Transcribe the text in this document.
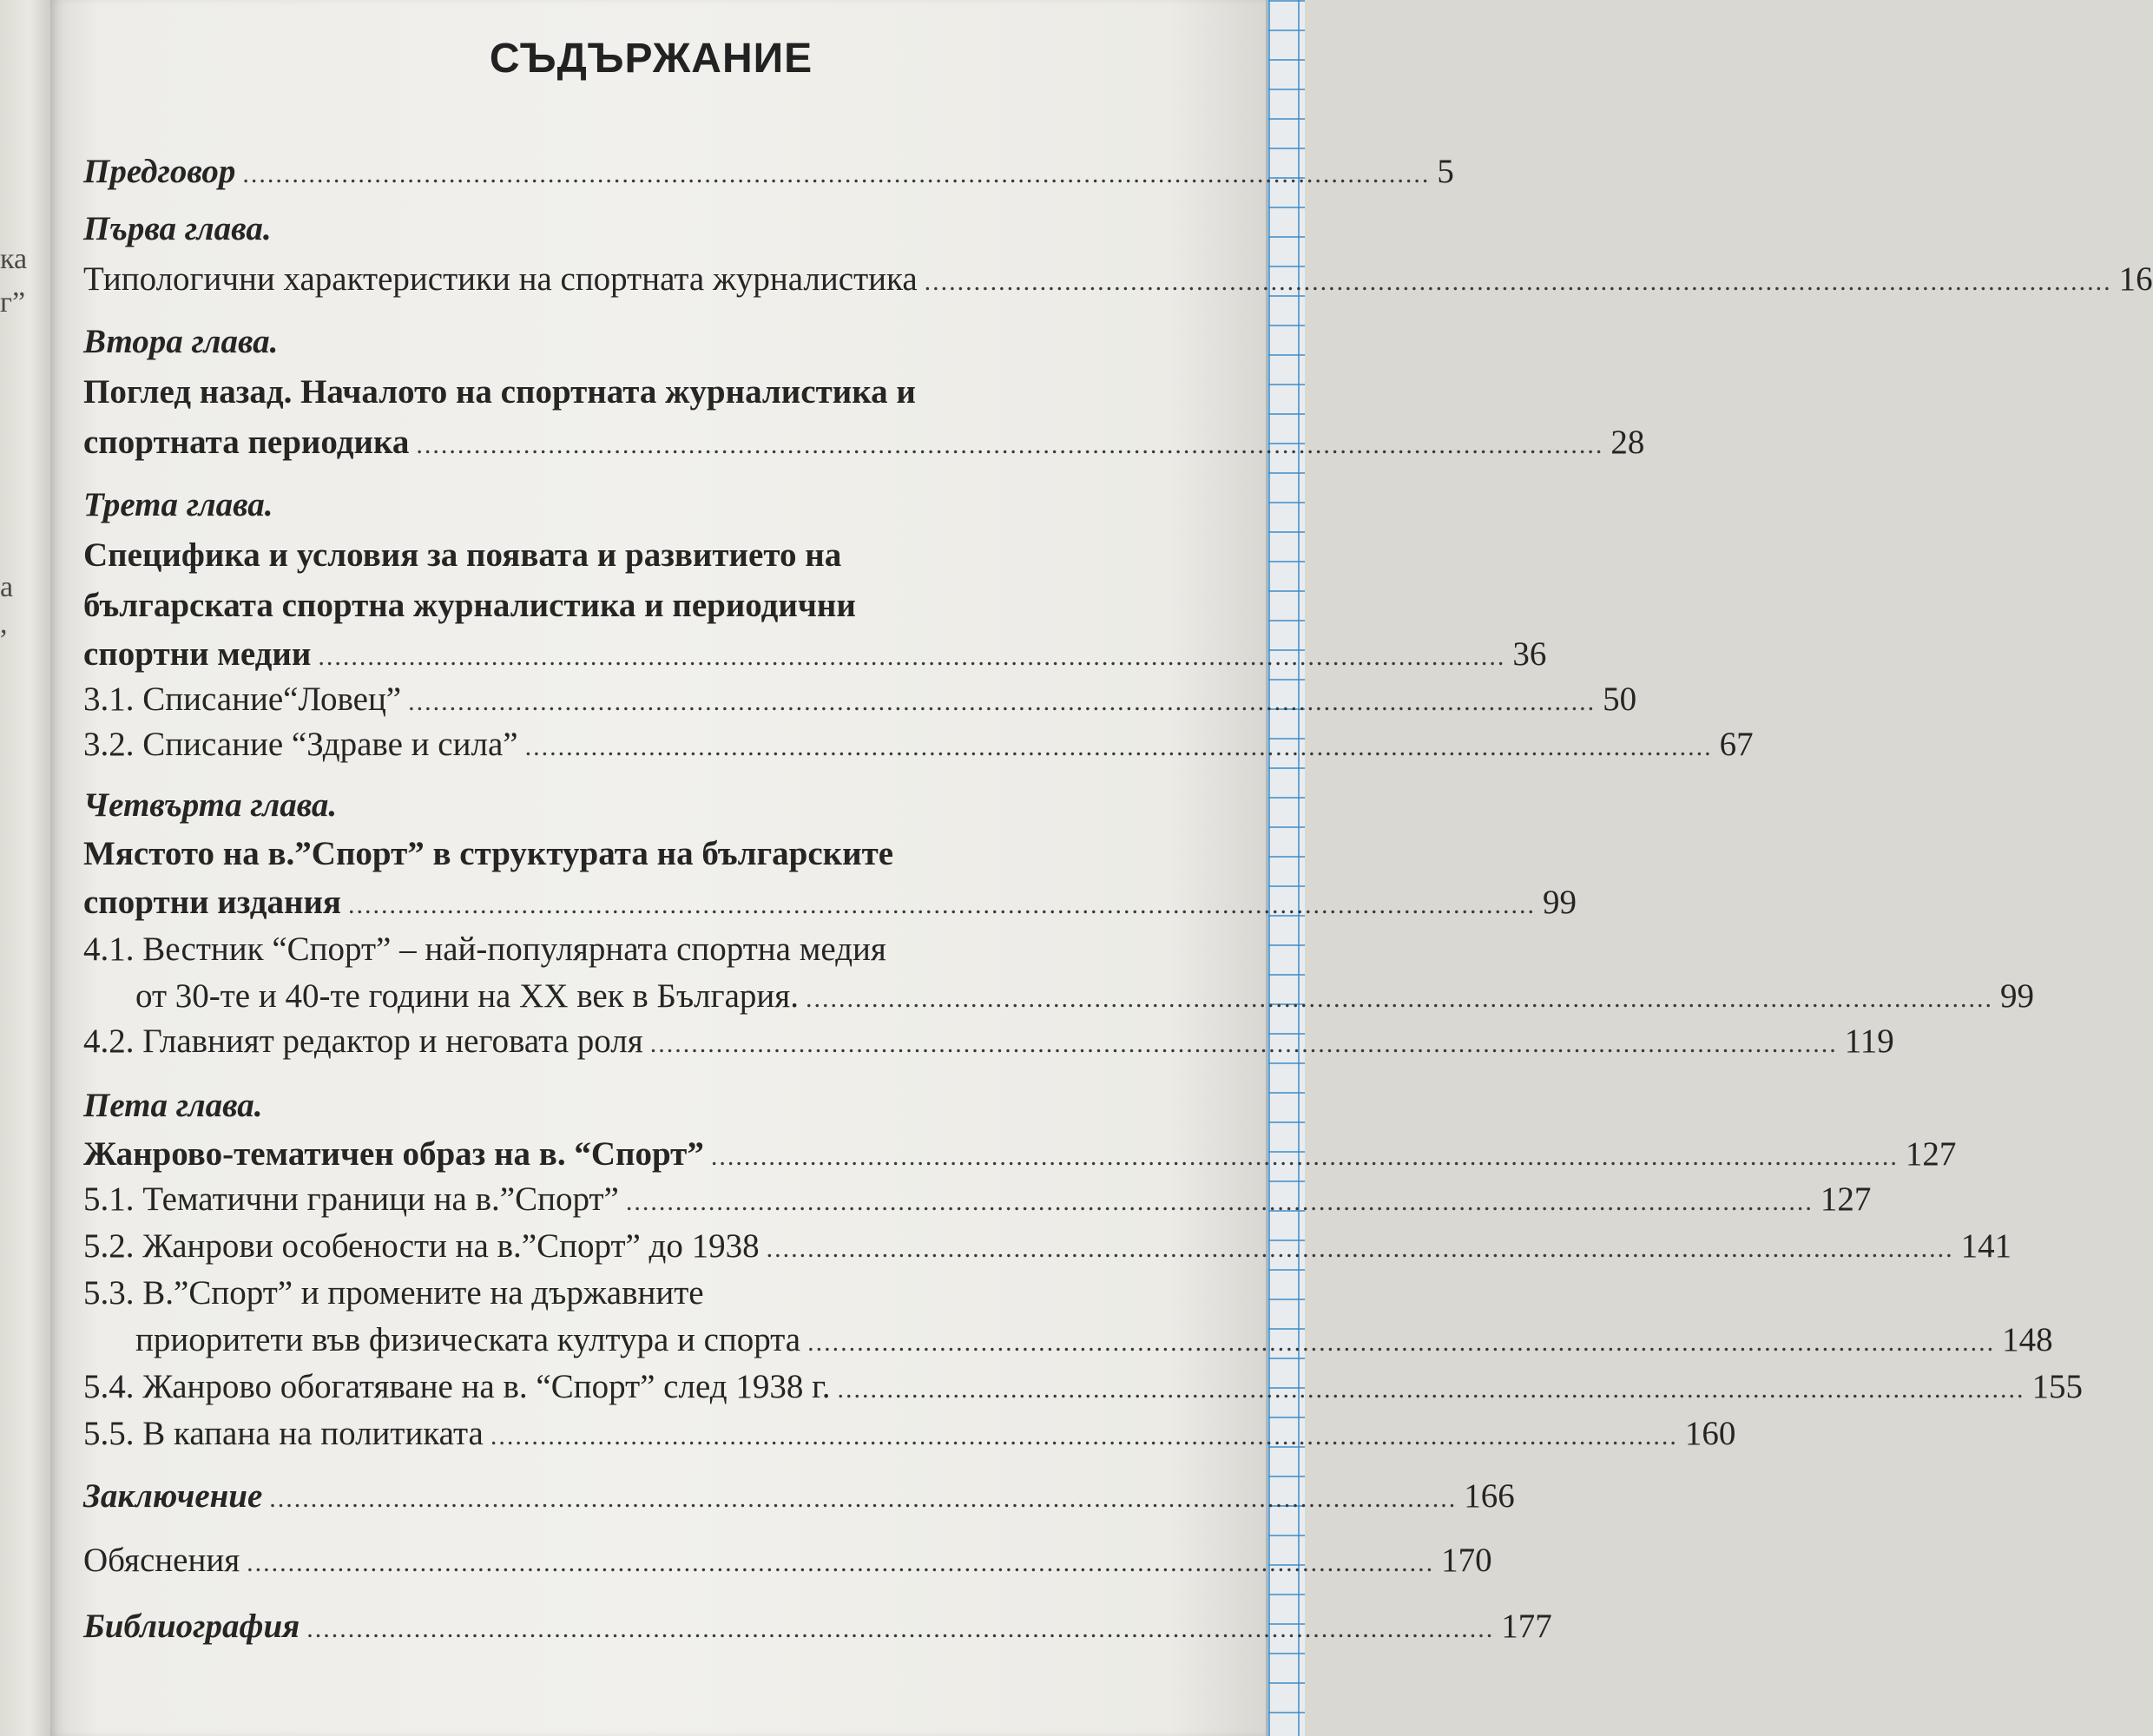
ка
г”
а
,
СЪДЪРЖАНИЕ
Предговор ................................................................................................................................................ 5
Първа глава.
Типологични характеристики на спортната журналистика ................................................................................................................................................ 16
Втора глава.
Поглед назад. Началото на спортната журналистика и
спортната периодика ................................................................................................................................................ 28
Трета глава.
Специфика и условия за появата и развитието на
българската спортна журналистика и периодични
спортни медии ................................................................................................................................................ 36
3.1. Списание“Ловец” ................................................................................................................................................ 50
3.2. Списание “Здраве и сила” ................................................................................................................................................ 67
Четвърта глава.
Мястото на в.”Спорт” в структурата на българските
спортни издания ................................................................................................................................................ 99
4.1. Вестник “Спорт” – най-популярната спортна медия
от 30-те и 40-те години на XX век в България. ................................................................................................................................................ 99
4.2. Главният редактор и неговата роля ................................................................................................................................................ 119
Пета глава.
Жанрово-тематичен образ на в. “Спорт” ................................................................................................................................................ 127
5.1. Тематични граници на в.”Спорт” ................................................................................................................................................ 127
5.2. Жанрови особености на в.”Спорт” до 1938 ................................................................................................................................................ 141
5.3. В.”Спорт” и промените на държавните
приоритети във физическата култура и спорта ................................................................................................................................................ 148
5.4. Жанрово обогатяване на в. “Спорт” след 1938 г. ................................................................................................................................................ 155
5.5. В капана на политиката ................................................................................................................................................ 160
Заключение ................................................................................................................................................ 166
Обяснения ................................................................................................................................................ 170
Библиография ................................................................................................................................................ 177
